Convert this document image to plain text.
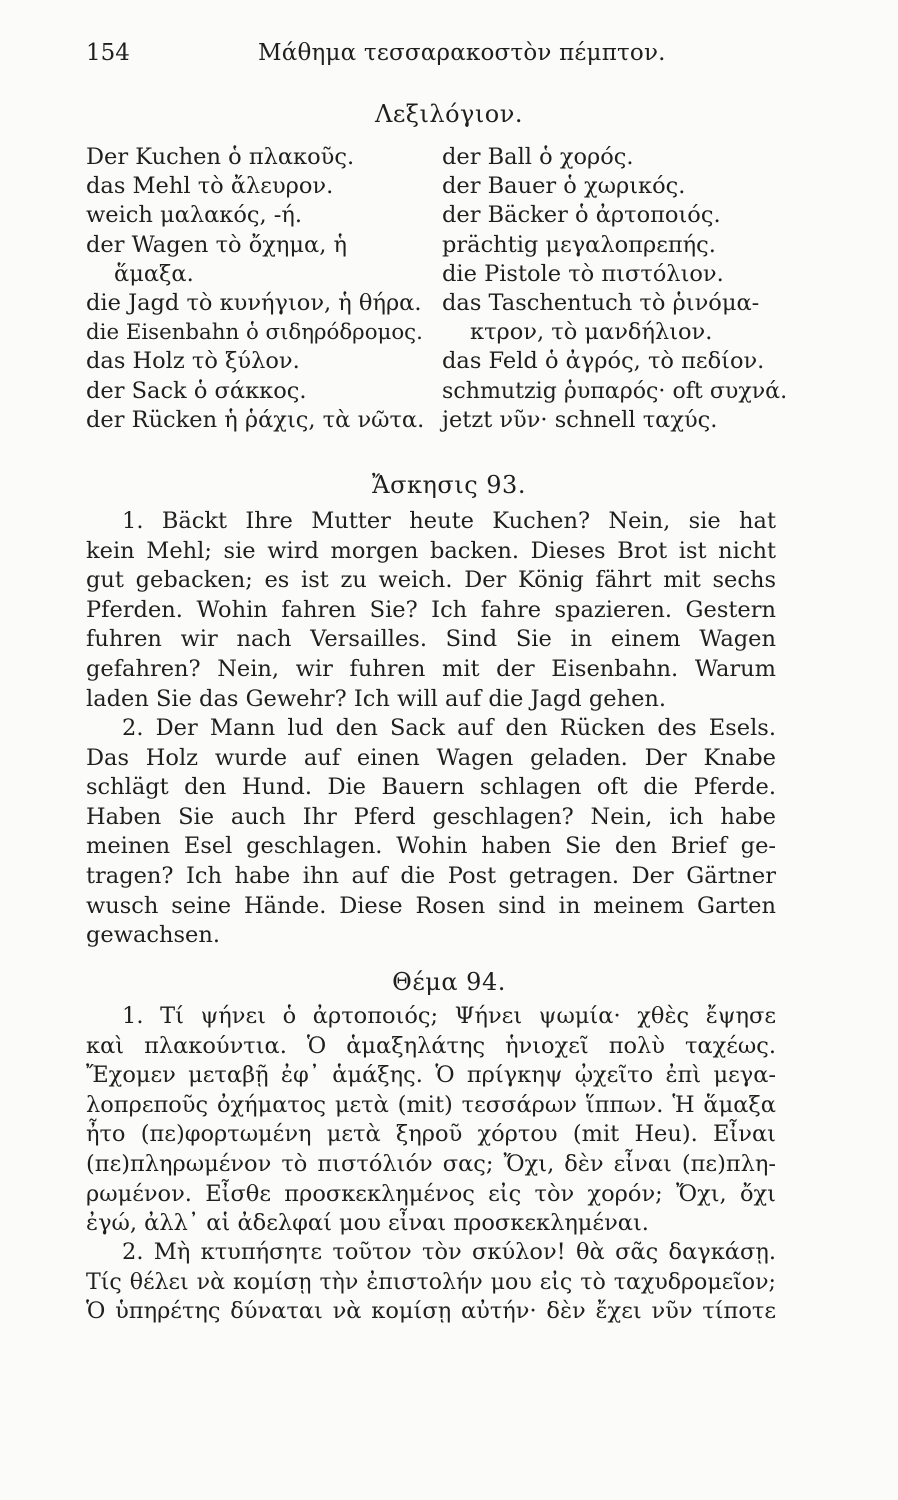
154	Μάθημα τεσσαρακοστὸν πέμπτον.
Λεξιλόγιον.
Der Kuchen ὁ πλακοῦς.
das Mehl τὸ ἄλευρον.
weich μαλακός, -ή.
der Wagen τὸ ὄχημα, ἡ
ἅμαξα.
die Jagd τὸ κυνήγιον, ἡ θήρα.
die Eisenbahn ὁ σιδηρόδρομος.
das Holz τὸ ξύλον.
der Sack ὁ σάκκος.
der Rücken ἡ ῥάχις, τὰ νῶτα.
der Ball ὁ χορός.
der Bauer ὁ χωρικός.
der Bäcker ὁ ἀρτοποιός.
prächtig μεγαλοπρεπής.
die Pistole τὸ πιστόλιον.
das Taschentuch τὸ ῥινόμα-
κτρον, τὸ μανδήλιον.
das Feld ὁ ἀγρός, τὸ πεδίον.
schmutzig ῥυπαρός· oft συχνά.
jetzt νῦν· schnell ταχύς.
Ἄσκησις 93.
1. Bäckt Ihre Mutter heute Kuchen? Nein, sie hat
kein Mehl; sie wird morgen backen. Dieses Brot ist nicht
gut gebacken; es ist zu weich. Der König fährt mit sechs
Pferden. Wohin fahren Sie? Ich fahre spazieren. Gestern
fuhren wir nach Versailles. Sind Sie in einem Wagen
gefahren? Nein, wir fuhren mit der Eisenbahn. Warum
laden Sie das Gewehr? Ich will auf die Jagd gehen.
2. Der Mann lud den Sack auf den Rücken des Esels.
Das Holz wurde auf einen Wagen geladen. Der Knabe
schlägt den Hund. Die Bauern schlagen oft die Pferde.
Haben Sie auch Ihr Pferd geschlagen? Nein, ich habe
meinen Esel geschlagen. Wohin haben Sie den Brief ge-
tragen? Ich habe ihn auf die Post getragen. Der Gärtner
wusch seine Hände. Diese Rosen sind in meinem Garten
gewachsen.
Θέμα 94.
1. Τί ψήνει ὁ ἀρτοποιός; Ψήνει ψωμία· χθὲς ἔψησε
καὶ πλακούντια. Ὁ ἁμαξηλάτης ἡνιοχεῖ πολὺ ταχέως.
Ἔχομεν μεταβῇ ἐφ᾽ ἁμάξης. Ὁ πρίγκηψ ᾠχεῖτο ἐπὶ μεγα-
λοπρεποῦς ὀχήματος μετὰ (mit) τεσσάρων ἵππων. Ἡ ἅμαξα
ἦτο (πε)φορτωμένη μετὰ ξηροῦ χόρτου (mit Heu). Εἶναι
(πε)πληρωμένον τὸ πιστόλιόν σας; Ὄχι, δὲν εἶναι (πε)πλη-
ρωμένον. Εἶσθε προσκεκλημένος εἰς τὸν χορόν; Ὄχι, ὄχι
ἐγώ, ἀλλ᾽ αἱ ἀδελφαί μου εἶναι προσκεκλημέναι.
2. Μὴ κτυπήσητε τοῦτον τὸν σκύλον! θὰ σᾶς δαγκάσῃ.
Τίς θέλει νὰ κομίσῃ τὴν ἐπιστολήν μου εἰς τὸ ταχυδρομεῖον;
Ὁ ὑπηρέτης δύναται νὰ κομίσῃ αὐτήν· δὲν ἔχει νῦν τίποτε
